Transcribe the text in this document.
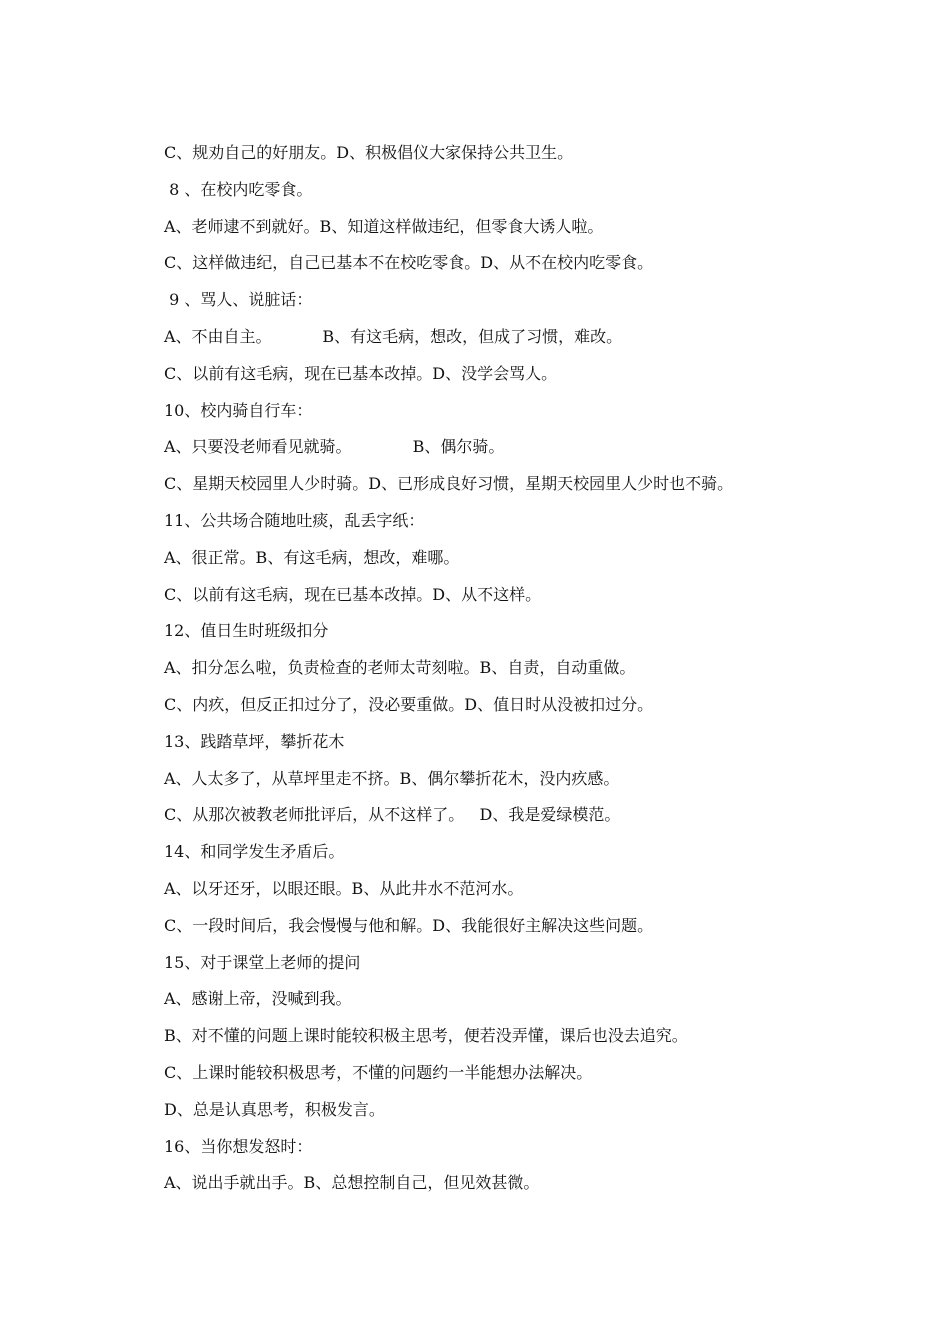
C、规劝自己的好朋友。D、积极倡仪大家保持公共卫生。
8 、在校内吃零食。
A、老师逮不到就好。B、知道这样做违纪，但零食大诱人啦。
C、这样做违纪，自己已基本不在校吃零食。D、从不在校内吃零食。
9 、骂人、说脏话：
A、不由自主。          B、有这毛病，想改，但成了习惯，难改。
C、以前有这毛病，现在已基本改掉。D、没学会骂人。
10、校内骑自行车：
A、只要没老师看见就骑。            B、偶尔骑。
C、星期天校园里人少时骑。D、已形成良好习惯，星期天校园里人少时也不骑。
11、公共场合随地吐痰，乱丢字纸：
A、很正常。B、有这毛病，想改，难哪。
C、以前有这毛病，现在已基本改掉。D、从不这样。
12、值日生时班级扣分
A、扣分怎么啦，负责检查的老师太苛刻啦。B、自责，自动重做。
C、内疚，但反正扣过分了，没必要重做。D、值日时从没被扣过分。
13、践踏草坪，攀折花木
A、人太多了，从草坪里走不挤。B、偶尔攀折花木，没内疚感。
C、从那次被教老师批评后，从不这样了。   D、我是爱绿模范。
14、和同学发生矛盾后。
A、以牙还牙，以眼还眼。B、从此井水不范河水。
C、一段时间后，我会慢慢与他和解。D、我能很好主解决这些问题。
15、对于课堂上老师的提问
A、感谢上帝，没喊到我。
B、对不懂的问题上课时能较积极主思考，便若没弄懂，课后也没去追究。
C、上课时能较积极思考，不懂的问题约一半能想办法解决。
D、总是认真思考，积极发言。
16、当你想发怒时：
A、说出手就出手。B、总想控制自己，但见效甚微。
